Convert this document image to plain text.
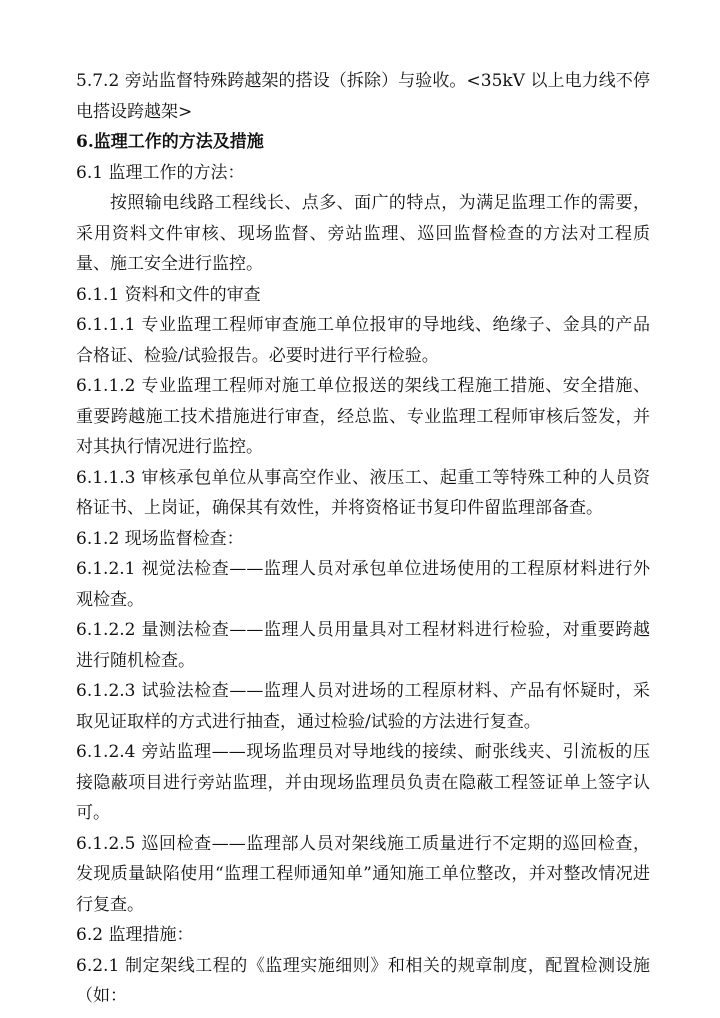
5.7.2 旁站监督特殊跨越架的搭设（拆除）与验收。<35kV 以上电力线不停电搭设跨越架>

6.监理工作的方法及措施

6.1 监理工作的方法：

按照输电线路工程线长、点多、面广的特点，为满足监理工作的需要，采用资料文件审核、现场监督、旁站监理、巡回监督检查的方法对工程质量、施工安全进行监控。

6.1.1 资料和文件的审查

6.1.1.1 专业监理工程师审查施工单位报审的导地线、绝缘子、金具的产品合格证、检验/试验报告。必要时进行平行检验。

6.1.1.2 专业监理工程师对施工单位报送的架线工程施工措施、安全措施、重要跨越施工技术措施进行审查，经总监、专业监理工程师审核后签发，并对其执行情况进行监控。

6.1.1.3 审核承包单位从事高空作业、液压工、起重工等特殊工种的人员资格证书、上岗证，确保其有效性，并将资格证书复印件留监理部备查。

6.1.2 现场监督检查：

6.1.2.1 视觉法检查——监理人员对承包单位进场使用的工程原材料进行外观检查。

6.1.2.2 量测法检查——监理人员用量具对工程材料进行检验，对重要跨越进行随机检查。

6.1.2.3 试验法检查——监理人员对进场的工程原材料、产品有怀疑时，采取见证取样的方式进行抽查，通过检验/试验的方法进行复查。

6.1.2.4 旁站监理——现场监理员对导地线的接续、耐张线夹、引流板的压接隐蔽项目进行旁站监理，并由现场监理员负责在隐蔽工程签证单上签字认可。

6.1.2.5 巡回检查——监理部人员对架线施工质量进行不定期的巡回检查，发现质量缺陷使用“监理工程师通知单”通知施工单位整改，并对整改情况进行复查。

6.2 监理措施：

6.2.1 制定架线工程的《监理实施细则》和相关的规章制度，配置检测设施（如：
